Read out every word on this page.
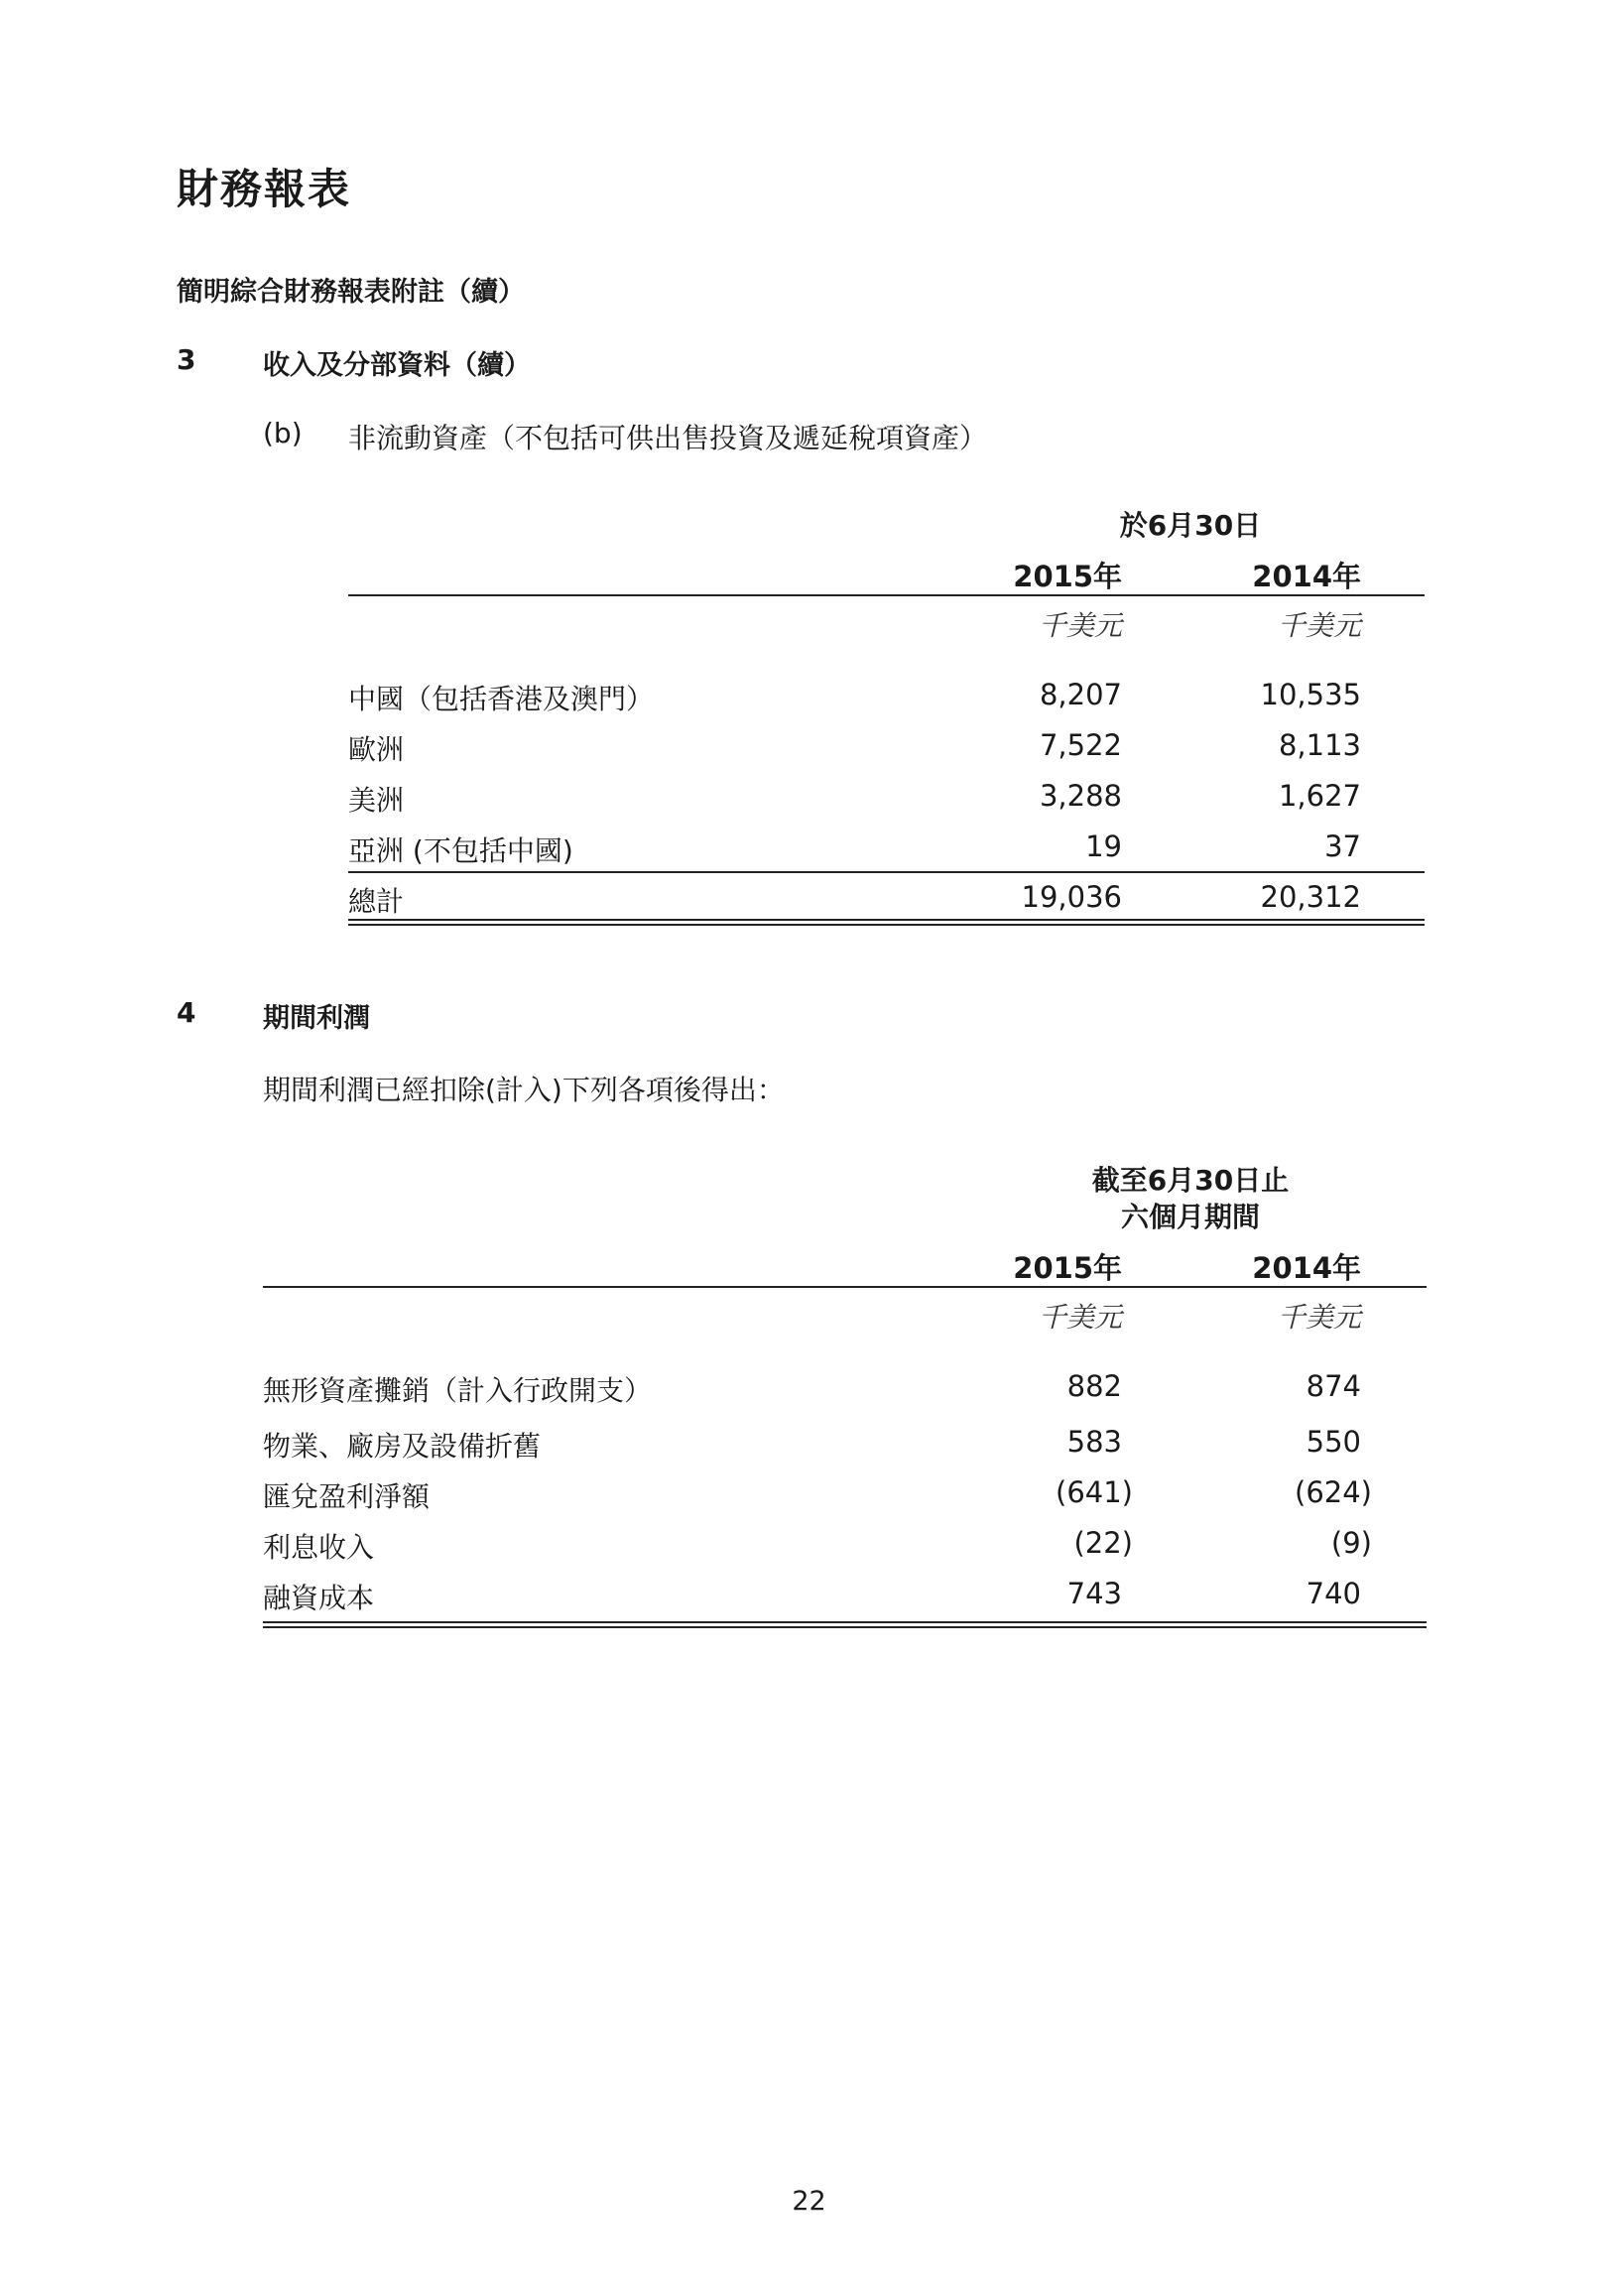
財務報表
簡明綜合財務報表附註（續）
3	收入及分部資料（續）
(b) 非流動資產（不包括可供出售投資及遞延稅項資產）
於6月30日
2015年	2014年
千美元	千美元
中國（包括香港及澳門）	8,207	10,535
歐洲	7,522	8,113
美洲	3,288	1,627
亞洲 (不包括中國)	19	37
總計	19,036	20,312
4	期間利潤
期間利潤已經扣除(計入)下列各項後得出：
截至6月30日止
六個月期間
2015年	2014年
千美元	千美元
無形資產攤銷（計入行政開支）	882	874
物業、廠房及設備折舊	583	550
匯兌盈利淨額	(641)	(624)
利息收入	(22)	(9)
融資成本	743	740
22
